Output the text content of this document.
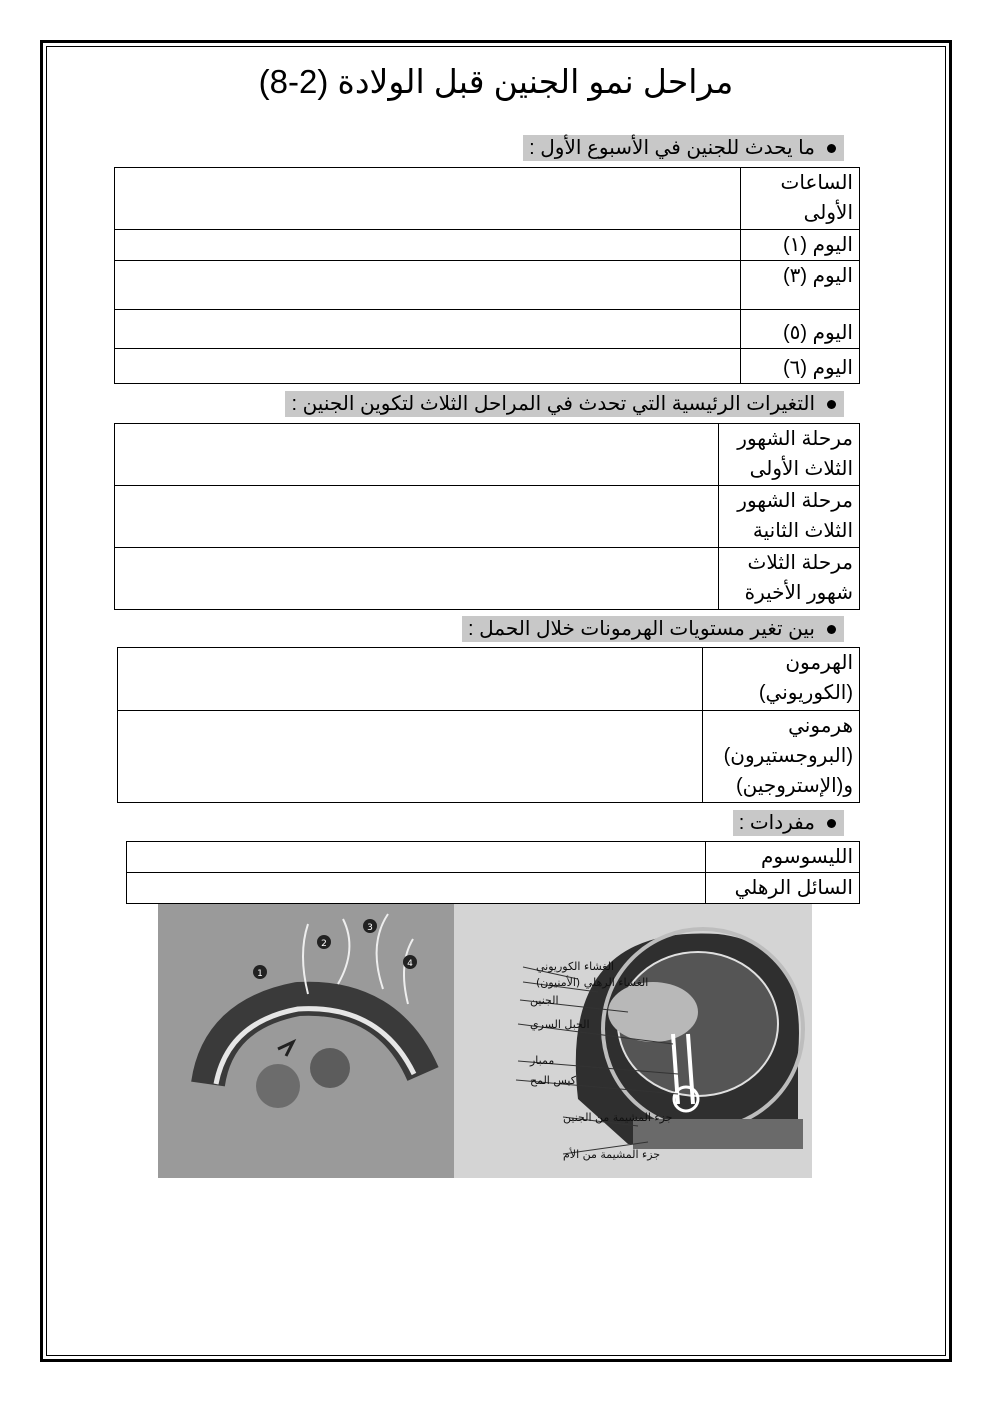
مراحل نمو الجنين قبل الولادة (2-8)
ما يحدث للجنين في الأسبوع الأول :
الساعات الأولى	
اليوم (١)	
اليوم (٣)	
اليوم (٥)	
اليوم (٦)	
التغيرات الرئيسية التي تحدث في المراحل الثلاث لتكوين الجنين :
مرحلة الشهور الثلاث الأولى	
مرحلة الشهور الثلاث الثانية	
مرحلة الثلاث شهور الأخيرة	
بين تغير مستويات الهرمونات خلال الحمل :
الهرمون (الكوريوني)	
هرموني (البروجستيرون) و(الإستروجين)	
مفردات :
الليسوسوم	
السائل الرهلي	
1
2
3
4	الغشاء الكوريوني
الغشاء الرهلي (الأمنيون)
الجنين
الحبل السري
ممبار
كيس المح
جزء المشيمة من الجنين
جزء المشيمة من الأم
